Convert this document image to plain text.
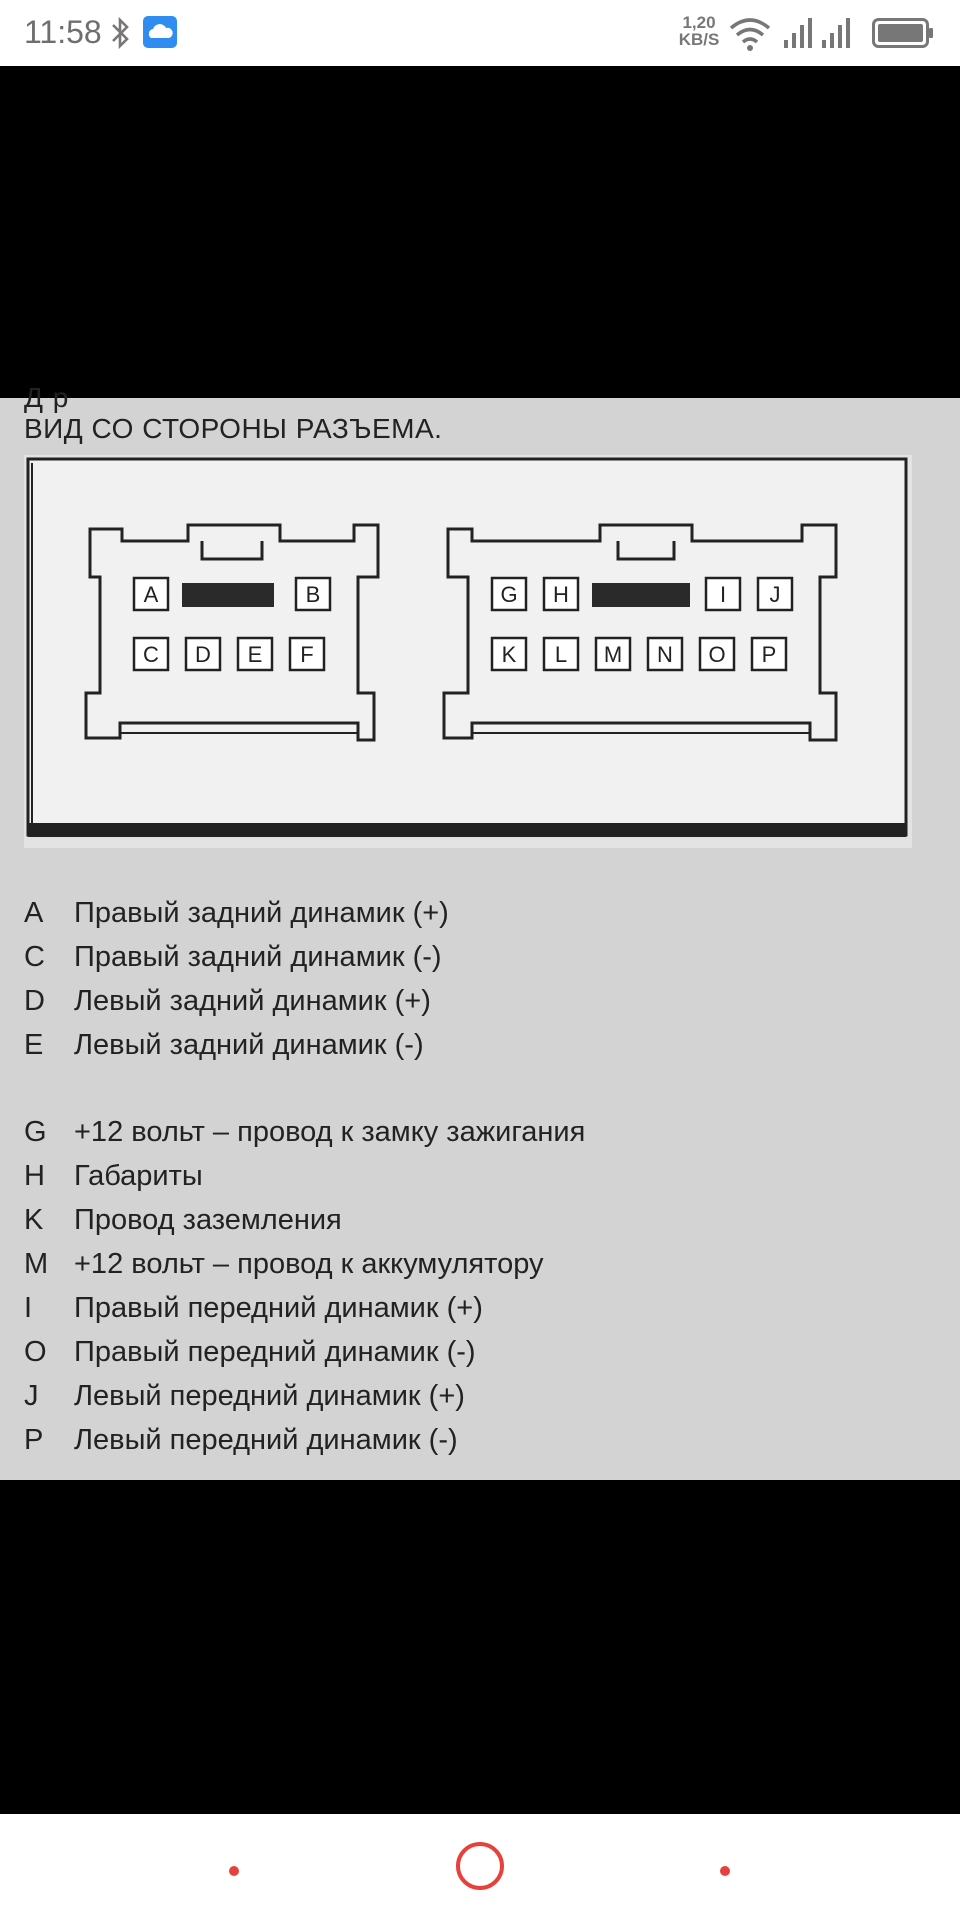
11:58	1,20
KB/S
Д р
ВИД СО СТОРОНЫ РАЗЪЕМА.
A	B
C D E F
G H	I J
K L M N O P
A	Правый задний динамик (+)
C	Правый задний динамик (-)
D	Левый задний динамик (+)
E	Левый задний динамик (-)
G +12 вольт – провод к замку зажигания
H	Габариты
K	Провод заземления
M +12 вольт – провод к аккумулятору
I	Правый передний динамик (+)
O Правый передний динамик (-)
J	Левый передний динамик (+)
P	Левый передний динамик (-)
